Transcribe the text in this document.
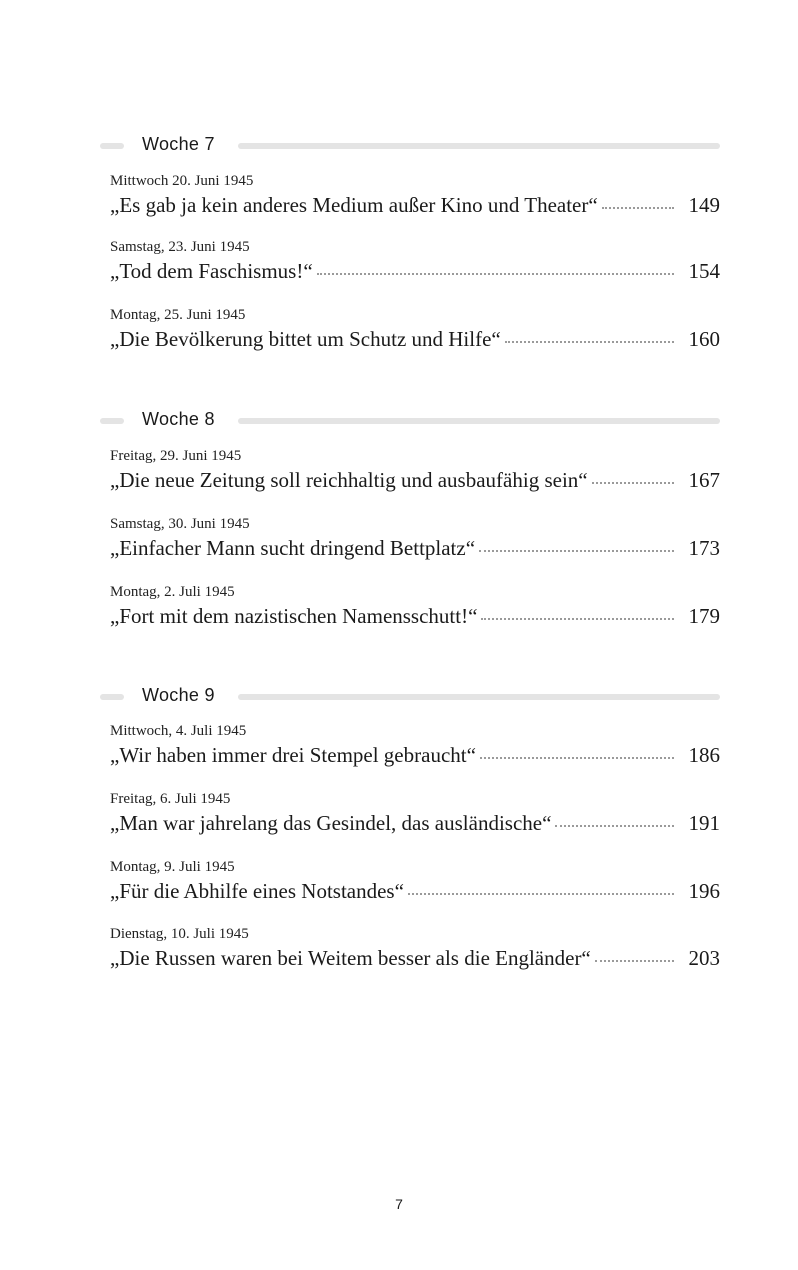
Woche 7
Mittwoch 20. Juni 1945
„Es gab ja kein anderes Medium außer Kino und Theater“	149
Samstag, 23. Juni 1945
„Tod dem Faschismus!“	154
Montag, 25. Juni 1945
„Die Bevölkerung bittet um Schutz und Hilfe“	160
Woche 8
Freitag, 29. Juni 1945
„Die neue Zeitung soll reichhaltig und ausbaufähig sein“	167
Samstag, 30. Juni 1945
„Einfacher Mann sucht dringend Bettplatz“	173
Montag, 2. Juli 1945
„Fort mit dem nazistischen Namensschutt!“	179
Woche 9
Mittwoch, 4. Juli 1945
„Wir haben immer drei Stempel gebraucht“	186
Freitag, 6. Juli 1945
„Man war jahrelang das Gesindel, das ausländische“	191
Montag, 9. Juli 1945
„Für die Abhilfe eines Notstandes“	196
Dienstag, 10. Juli 1945
„Die Russen waren bei Weitem besser als die Engländer“	203
7
